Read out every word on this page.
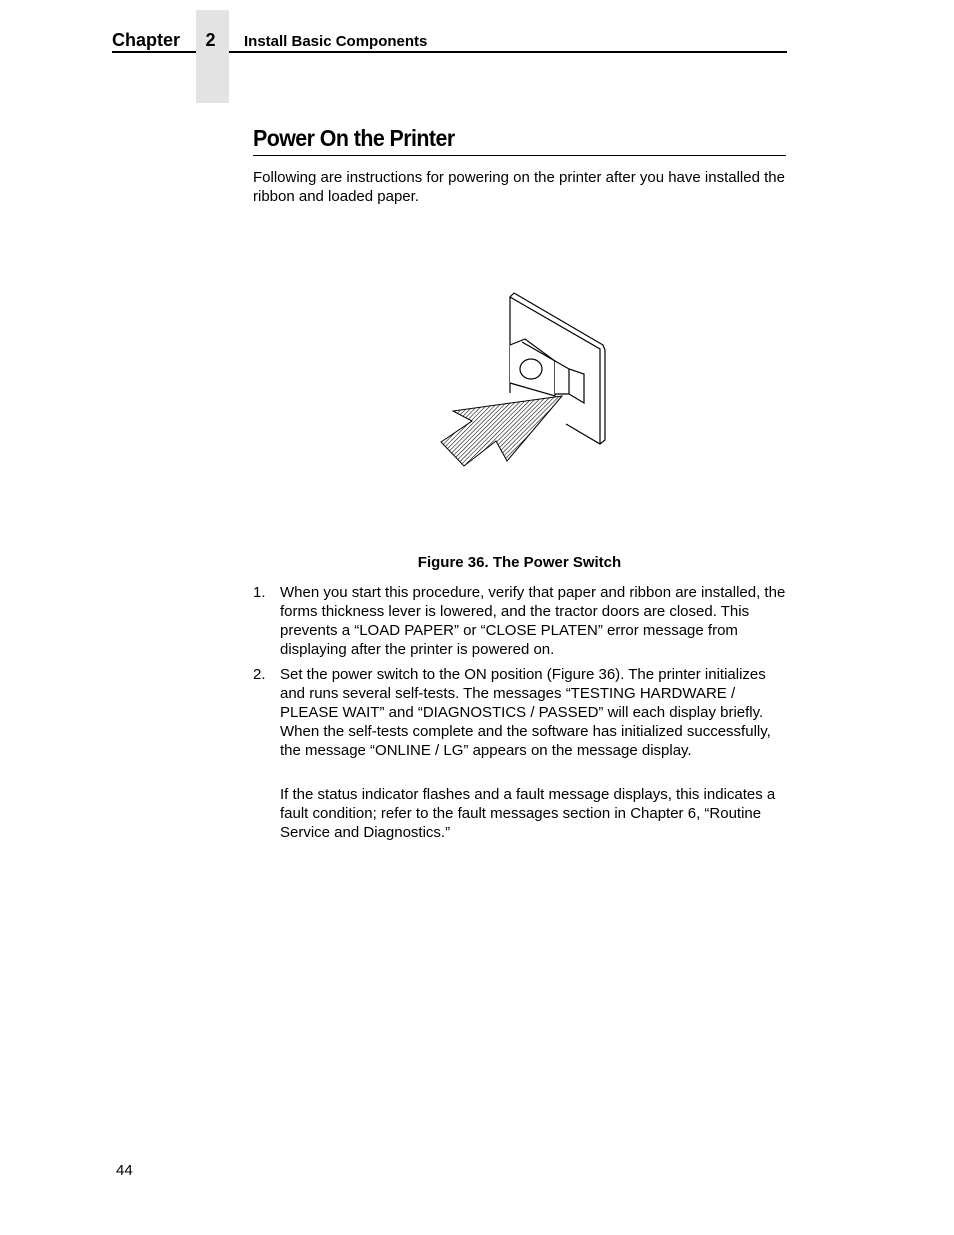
Chapter	2	Install Basic Components
Power On the Printer
Following are instructions for powering on the printer after you have installed the ribbon and loaded paper.
Figure 36. The Power Switch
1. When you start this procedure, verify that paper and ribbon are installed, the forms thickness lever is lowered, and the tractor doors are closed. This prevents a “LOAD PAPER” or “CLOSE PLATEN” error message from displaying after the printer is powered on.
2. Set the power switch to the ON position (Figure 36). The printer initializes and runs several self-tests. The messages “TESTING HARDWARE / PLEASE WAIT” and “DIAGNOSTICS / PASSED” will each display briefly. When the self-tests complete and the software has initialized successfully, the message “ONLINE / LG” appears on the message display.
If the status indicator flashes and a fault message displays, this indicates a fault condition; refer to the fault messages section in Chapter 6, “Routine Service and Diagnostics.”
44
